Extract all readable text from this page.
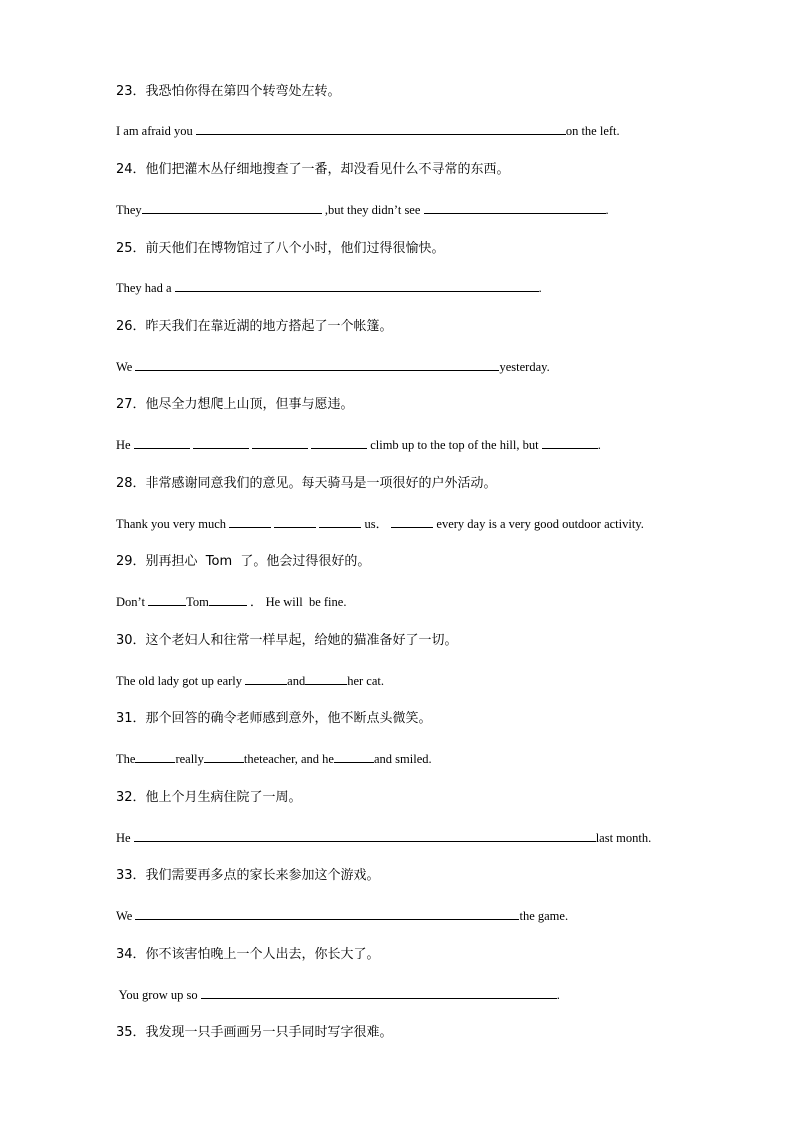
23．我恐怕你得在第四个转弯处左转。
I am afraid you	on the left.
24．他们把灌木丛仔细地搜查了一番，却没看见什么不寻常的东西。
They	,but they didn’t see	.
25．前天他们在博物馆过了八个小时，他们过得很愉快。
They had a	.
26．昨天我们在靠近湖的地方搭起了一个帐篷。
We	yesterday.
27．他尽全力想爬上山顶，但事与愿违。
He	climb up to the top of the hill, but	.
28．非常感谢同意我们的意见。每天骑马是一项很好的户外活动。
Thank you very much	us．	every day is a very good outdoor activity.
29．别再担心  Tom  了。他会过得很好的。
Don’t	Tom	． He will  be fine.
30．这个老妇人和往常一样早起，给她的猫准备好了一切。
The old lady got up early	and	her cat.
31．那个回答的确令老师感到意外，他不断点头微笑。
The	really	theteacher, and he	and smiled.
32．他上个月生病住院了一周。
He	last month.
33．我们需要再多点的家长来参加这个游戏。
We	the game.
34．你不该害怕晚上一个人出去，你长大了。
You grow up so	.
35．我发现一只手画画另一只手同时写字很难。
